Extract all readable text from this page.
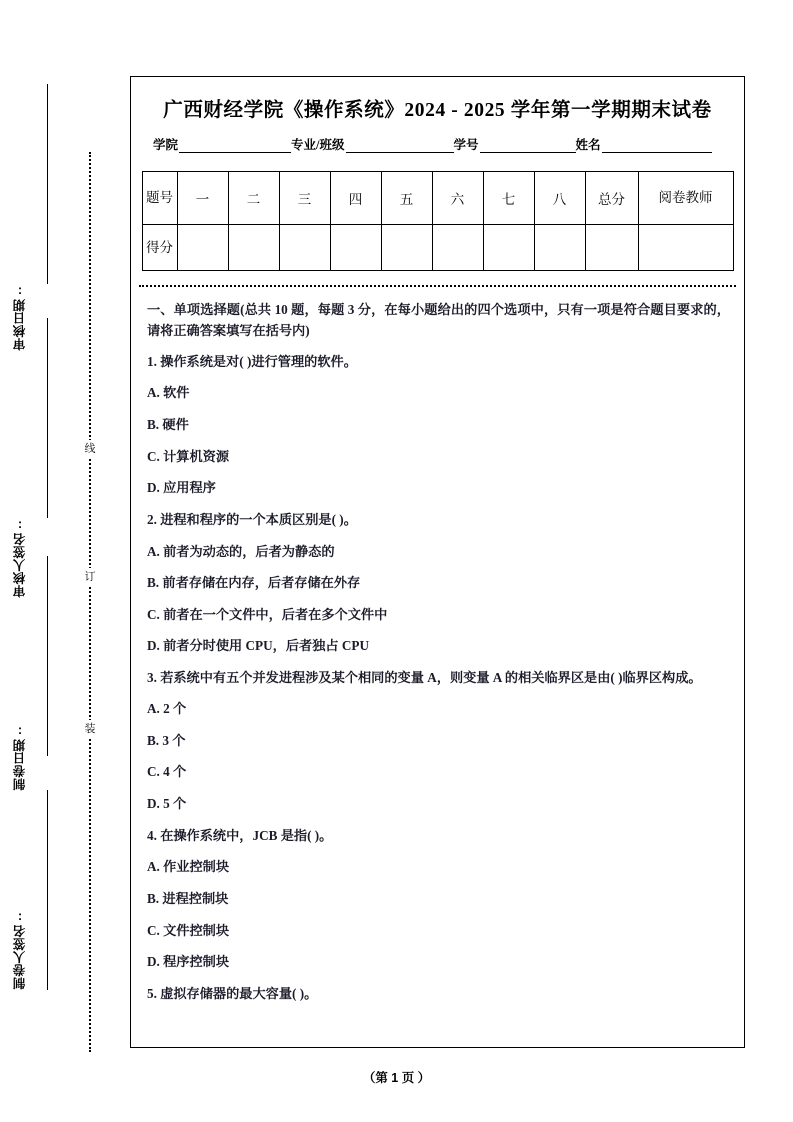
审核日期:
审核人签名:
制卷日期:
制卷人签名:
线
订
装
广西财经学院《操作系统》2024 - 2025 学年第一学期期末试卷
学院	专业/班级	学号	姓名
题号	一	二	三	四	五	六	七	八	总分	阅卷教师
得分										
一、单项选择题(总共 10 题，每题 3 分，在每小题给出的四个选项中，只有一项是符合题目要求的，请将正确答案填写在括号内)
1. 操作系统是对( )进行管理的软件。
A. 软件
B. 硬件
C. 计算机资源
D. 应用程序
2. 进程和程序的一个本质区别是( )。
A. 前者为动态的，后者为静态的
B. 前者存储在内存，后者存储在外存
C. 前者在一个文件中，后者在多个文件中
D. 前者分时使用 CPU，后者独占 CPU
3. 若系统中有五个并发进程涉及某个相同的变量 A，则变量 A 的相关临界区是由( )临界区构成。
A. 2 个
B. 3 个
C. 4 个
D. 5 个
4. 在操作系统中，JCB 是指( )。
A. 作业控制块
B. 进程控制块
C. 文件控制块
D. 程序控制块
5. 虚拟存储器的最大容量( )。
（第 1 页 ）
